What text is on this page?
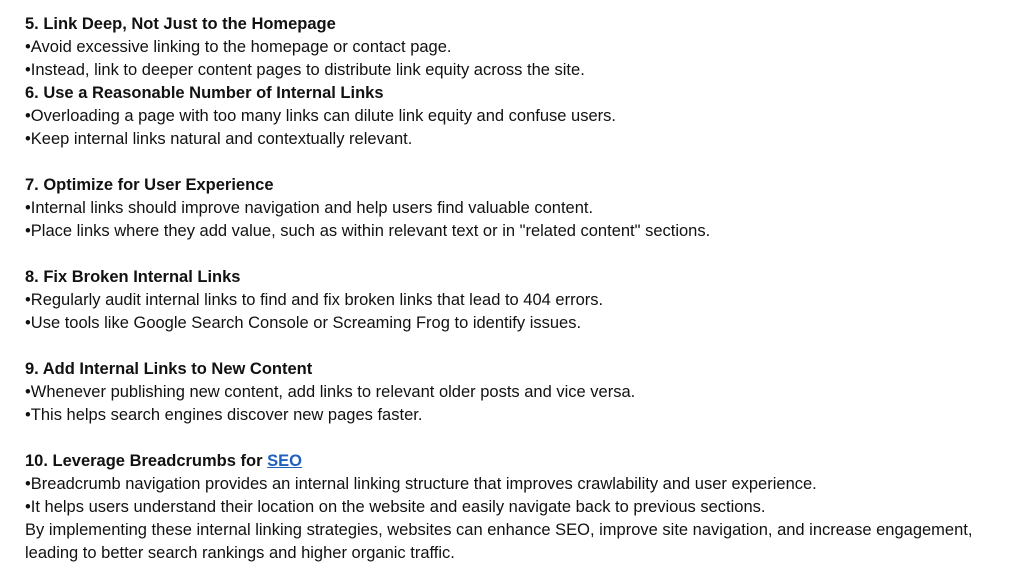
5. Link Deep, Not Just to the Homepage

•Avoid excessive linking to the homepage or contact page.

•Instead, link to deeper content pages to distribute link equity across the site.

6. Use a Reasonable Number of Internal Links

•Overloading a page with too many links can dilute link equity and confuse users.

•Keep internal links natural and contextually relevant.

7. Optimize for User Experience

•Internal links should improve navigation and help users find valuable content.

•Place links where they add value, such as within relevant text or in "related content" sections.

8. Fix Broken Internal Links

•Regularly audit internal links to find and fix broken links that lead to 404 errors.

•Use tools like Google Search Console or Screaming Frog to identify issues.

9. Add Internal Links to New Content

•Whenever publishing new content, add links to relevant older posts and vice versa.

•This helps search engines discover new pages faster.

10. Leverage Breadcrumbs for SEO

•Breadcrumb navigation provides an internal linking structure that improves crawlability and user experience.

•It helps users understand their location on the website and easily navigate back to previous sections.

By implementing these internal linking strategies, websites can enhance SEO, improve site navigation, and increase engagement, leading to better search rankings and higher organic traffic.
